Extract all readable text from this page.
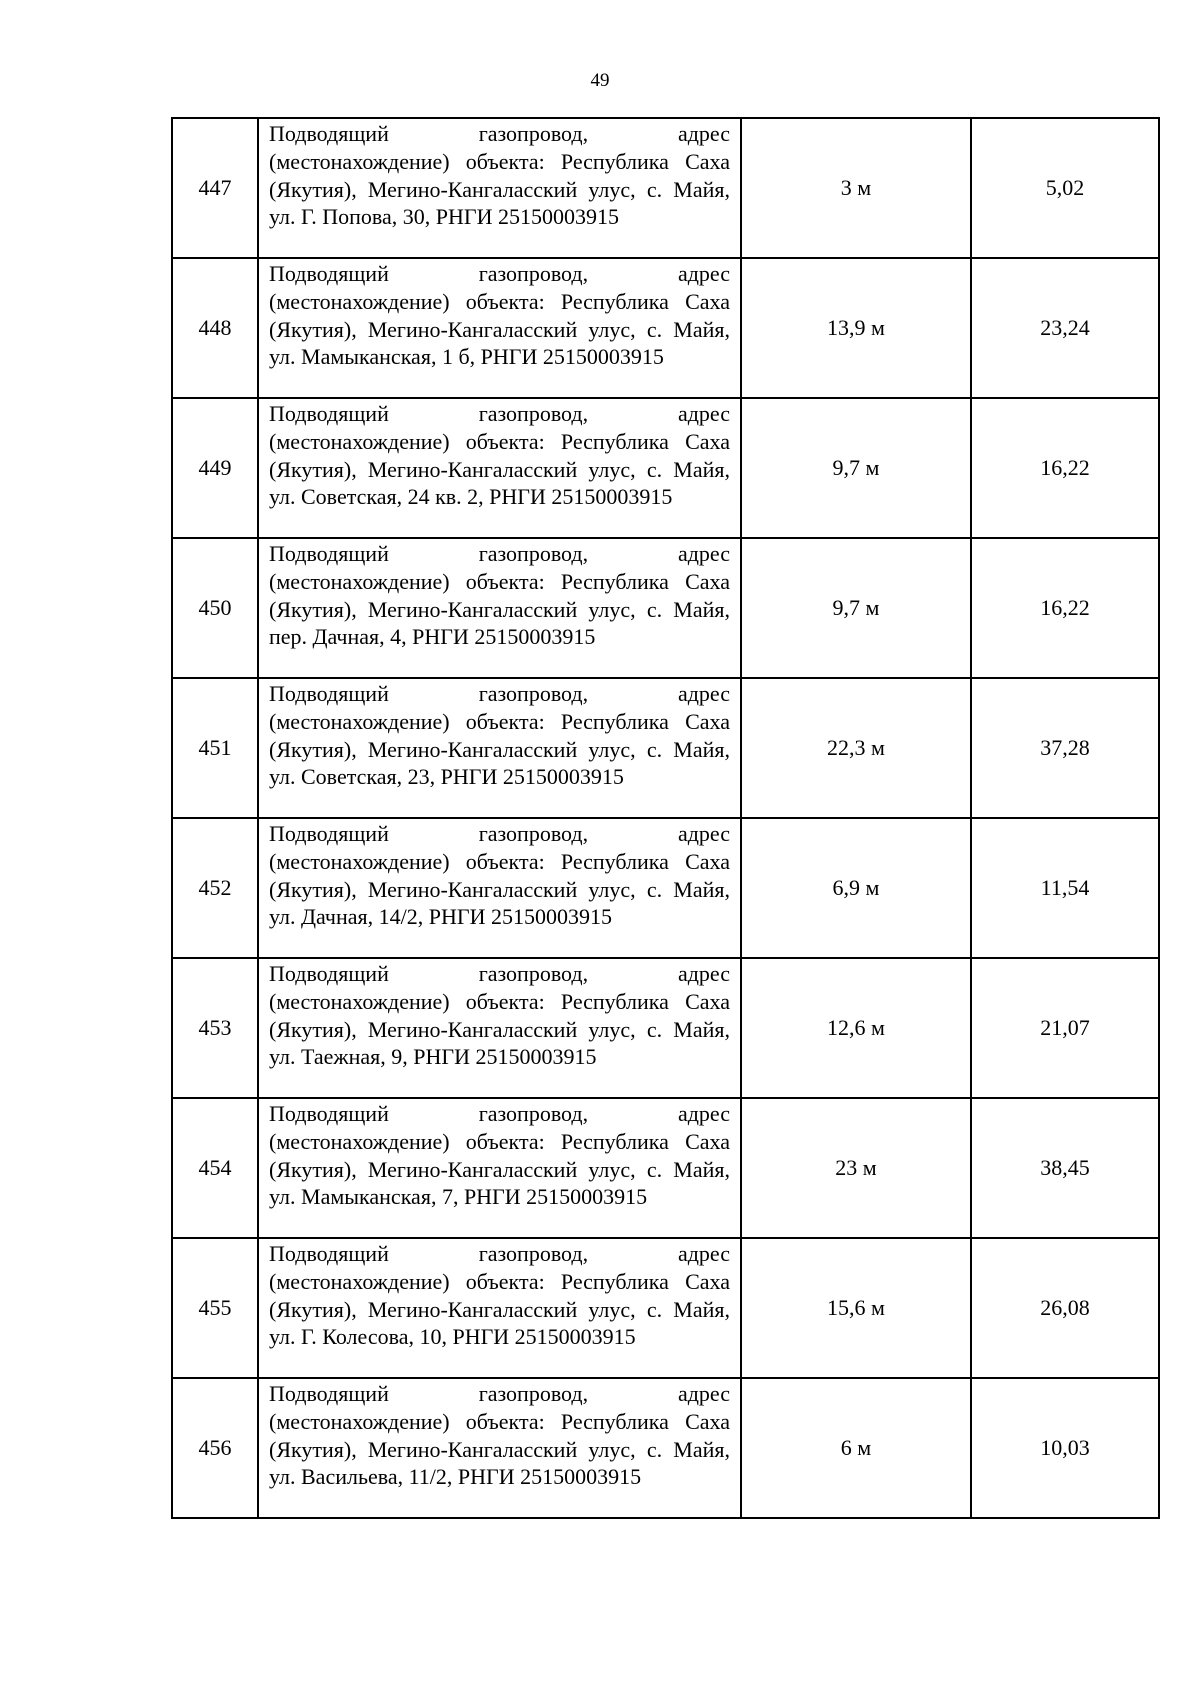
49
447	Подводящий газопровод, адрес (местонахождение) объекта: Республика Саха (Якутия), Мегино-Кангаласский улус, с. Майя, ул. Г. Попова, 30, РНГИ 25150003915	3 м	5,02
448	Подводящий газопровод, адрес (местонахождение) объекта: Республика Саха (Якутия), Мегино-Кангаласский улус, с. Майя, ул. Мамыканская, 1 б, РНГИ 25150003915	13,9 м	23,24
449	Подводящий газопровод, адрес (местонахождение) объекта: Республика Саха (Якутия), Мегино-Кангаласский улус, с. Майя, ул. Советская, 24 кв. 2, РНГИ 25150003915	9,7 м	16,22
450	Подводящий газопровод, адрес (местонахождение) объекта: Республика Саха (Якутия), Мегино-Кангаласский улус, с. Майя, пер. Дачная, 4, РНГИ 25150003915	9,7 м	16,22
451	Подводящий газопровод, адрес (местонахождение) объекта: Республика Саха (Якутия), Мегино-Кангаласский улус, с. Майя, ул. Советская, 23, РНГИ 25150003915	22,3 м	37,28
452	Подводящий газопровод, адрес (местонахождение) объекта: Республика Саха (Якутия), Мегино-Кангаласский улус, с. Майя, ул. Дачная, 14/2, РНГИ 25150003915	6,9 м	11,54
453	Подводящий газопровод, адрес (местонахождение) объекта: Республика Саха (Якутия), Мегино-Кангаласский улус, с. Майя, ул. Таежная, 9, РНГИ 25150003915	12,6 м	21,07
454	Подводящий газопровод, адрес (местонахождение) объекта: Республика Саха (Якутия), Мегино-Кангаласский улус, с. Майя, ул. Мамыканская, 7, РНГИ 25150003915	23 м	38,45
455	Подводящий газопровод, адрес (местонахождение) объекта: Республика Саха (Якутия), Мегино-Кангаласский улус, с. Майя, ул. Г. Колесова, 10, РНГИ 25150003915	15,6 м	26,08
456	Подводящий газопровод, адрес (местонахождение) объекта: Республика Саха (Якутия), Мегино-Кангаласский улус, с. Майя, ул. Васильева, 11/2, РНГИ 25150003915	6 м	10,03
